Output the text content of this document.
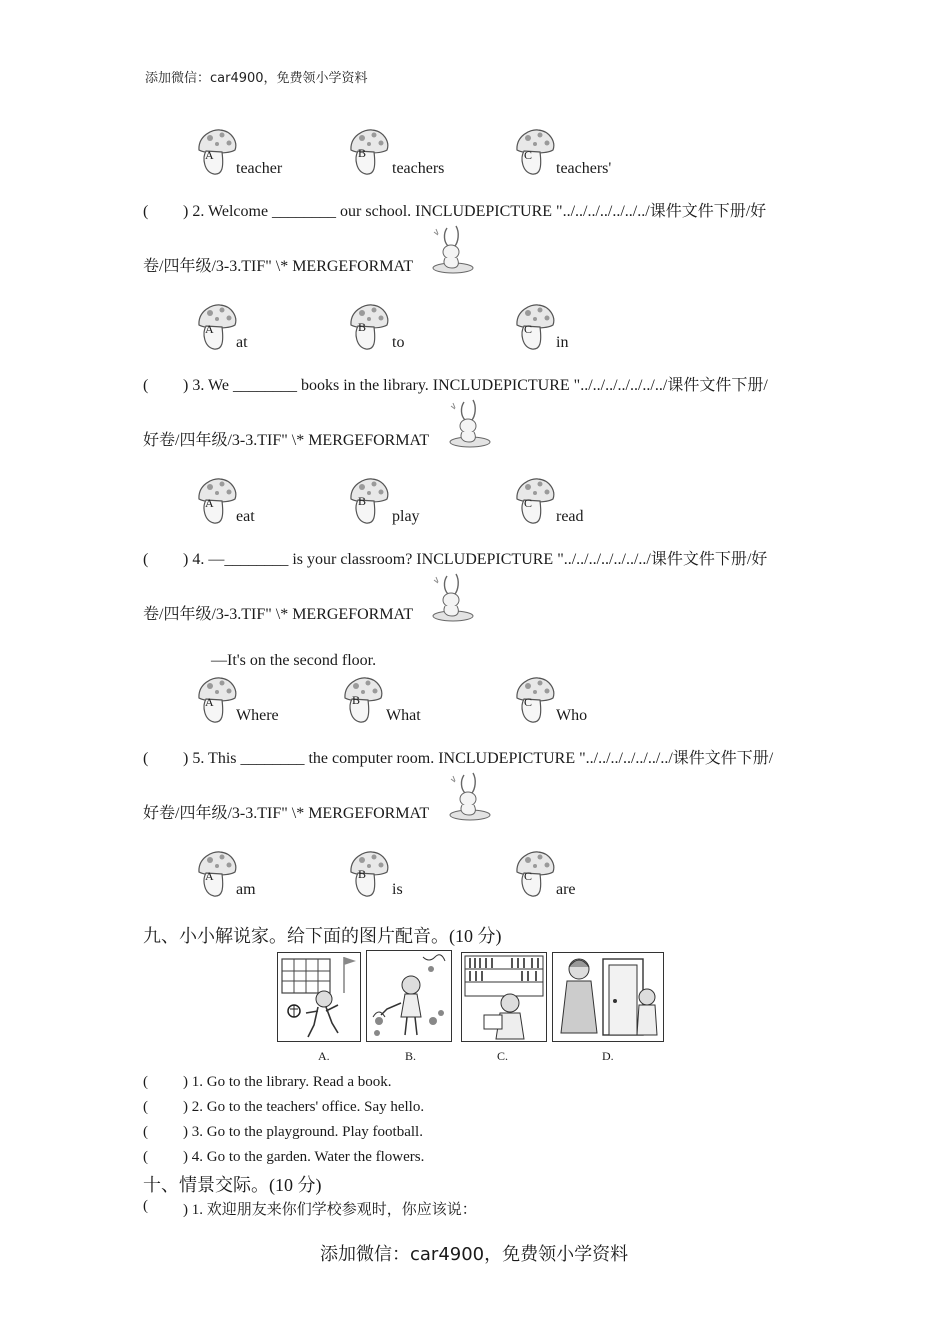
添加微信：car4900，免费领小学资料
A
teacher
B
teachers
C
teachers'
( ) 2. Welcome ________ our school. INCLUDEPICTURE "../../../../../../../课件文件下册/好
卷/四年级/3-3.TIF" \* MERGEFORMAT
A
at
B
to
C
in
( ) 3. We ________ books in the library. INCLUDEPICTURE "../../../../../../../课件文件下册/
好卷/四年级/3-3.TIF" \* MERGEFORMAT
A
eat
B
play
C
read
( ) 4. —________ is your classroom? INCLUDEPICTURE "../../../../../../../课件文件下册/好
卷/四年级/3-3.TIF" \* MERGEFORMAT
—It's on the second floor.
A
Where
B
What
C
Who
( ) 5. This ________ the computer room. INCLUDEPICTURE "../../../../../../../课件文件下册/
好卷/四年级/3-3.TIF" \* MERGEFORMAT
A
am
B
is
C
are
九、小小解说家。给下面的图片配音。(10 分)
A.	B.	C.	D.
( ) 1. Go to the library. Read a book.
( ) 2. Go to the teachers' office. Say hello.
( ) 3. Go to the playground. Play football.
( ) 4. Go to the garden. Water the flowers.
十、情景交际。(10 分)
( ) 1. 欢迎朋友来你们学校参观时，你应该说：
添加微信：car4900，免费领小学资料
